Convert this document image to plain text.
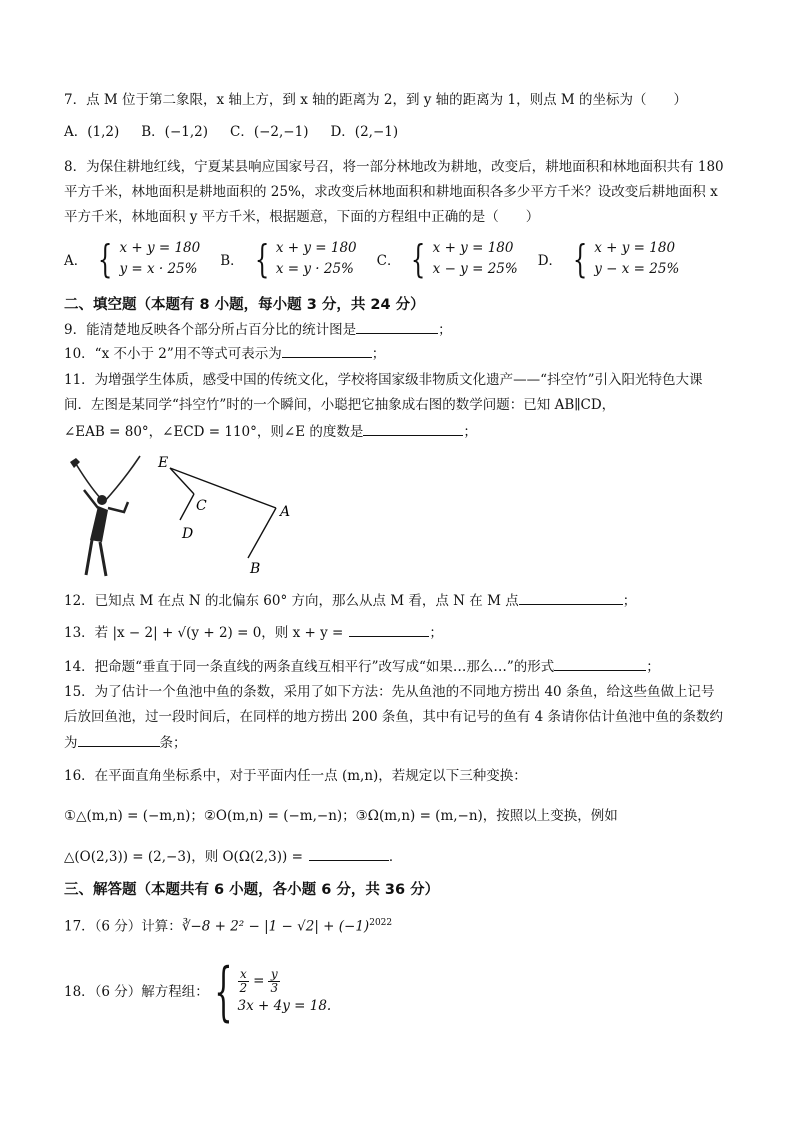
7．点 M 位于第二象限，x 轴上方，到 x 轴的距离为 2，到 y 轴的距离为 1，则点 M 的坐标为（　　）
A．(1,2) B．(−1,2) C．(−2,−1) D．(2,−1)
8．为保住耕地红线，宁夏某县响应国家号召，将一部分林地改为耕地，改变后，耕地面积和林地面积共有 180
平方千米，林地面积是耕地面积的 25%，求改变后林地面积和耕地面积各多少平方千米？设改变后耕地面积 x
平方千米，林地面积 y 平方千米，根据题意，下面的方程组中正确的是（　　）
A． { x + y = 180
y = x · 25% B． { x + y = 180
x = y · 25% C． { x + y = 180
x − y = 25% D． { x + y = 180
y − x = 25%
二、填空题（本题有 8 小题，每小题 3 分，共 24 分）
9．能清楚地反映各个部分所占百分比的统计图是	；
10．“x 不小于 2”用不等式可表示为	；
11．为增强学生体质，感受中国的传统文化，学校将国家级非物质文化遗产——“抖空竹”引入阳光特色大课
间．左图是某同学“抖空竹”时的一个瞬间，小聪把它抽象成右图的数学问题：已知 AB∥CD，
∠EAB = 80°，∠ECD = 110°，则∠E 的度数是	；
E
C
D
A
B
12．已知点 M 在点 N 的北偏东 60° 方向，那么从点 M 看，点 N 在 M 点	；
13．若 |x − 2| + √(y + 2) = 0，则 x + y =	；
14．把命题“垂直于同一条直线的两条直线互相平行”改写成“如果…那么…”的形式	；
15．为了估计一个鱼池中鱼的条数，采用了如下方法：先从鱼池的不同地方捞出 40 条鱼，给这些鱼做上记号
后放回鱼池，过一段时间后，在同样的地方捞出 200 条鱼，其中有记号的鱼有 4 条请你估计鱼池中鱼的条数约
为	条；
16．在平面直角坐标系中，对于平面内任一点 (m,n)，若规定以下三种变换：
①△(m,n) = (−m,n)；②O(m,n) = (−m,−n)；③Ω(m,n) = (m,−n)，按照以上变换，例如
△(O(2,3)) = (2,−3)，则 O(Ω(2,3)) =	．
三、解答题（本题共有 6 小题，各小题 6 分，共 36 分）
17．（6 分）计算：∛−8 + $2^2 - |1 - √2| + (-1)^{2022}$
18．（6 分）解方程组： { $\frac{x}{2} = \frac{y}{3}$
3x + 4y = 18.
